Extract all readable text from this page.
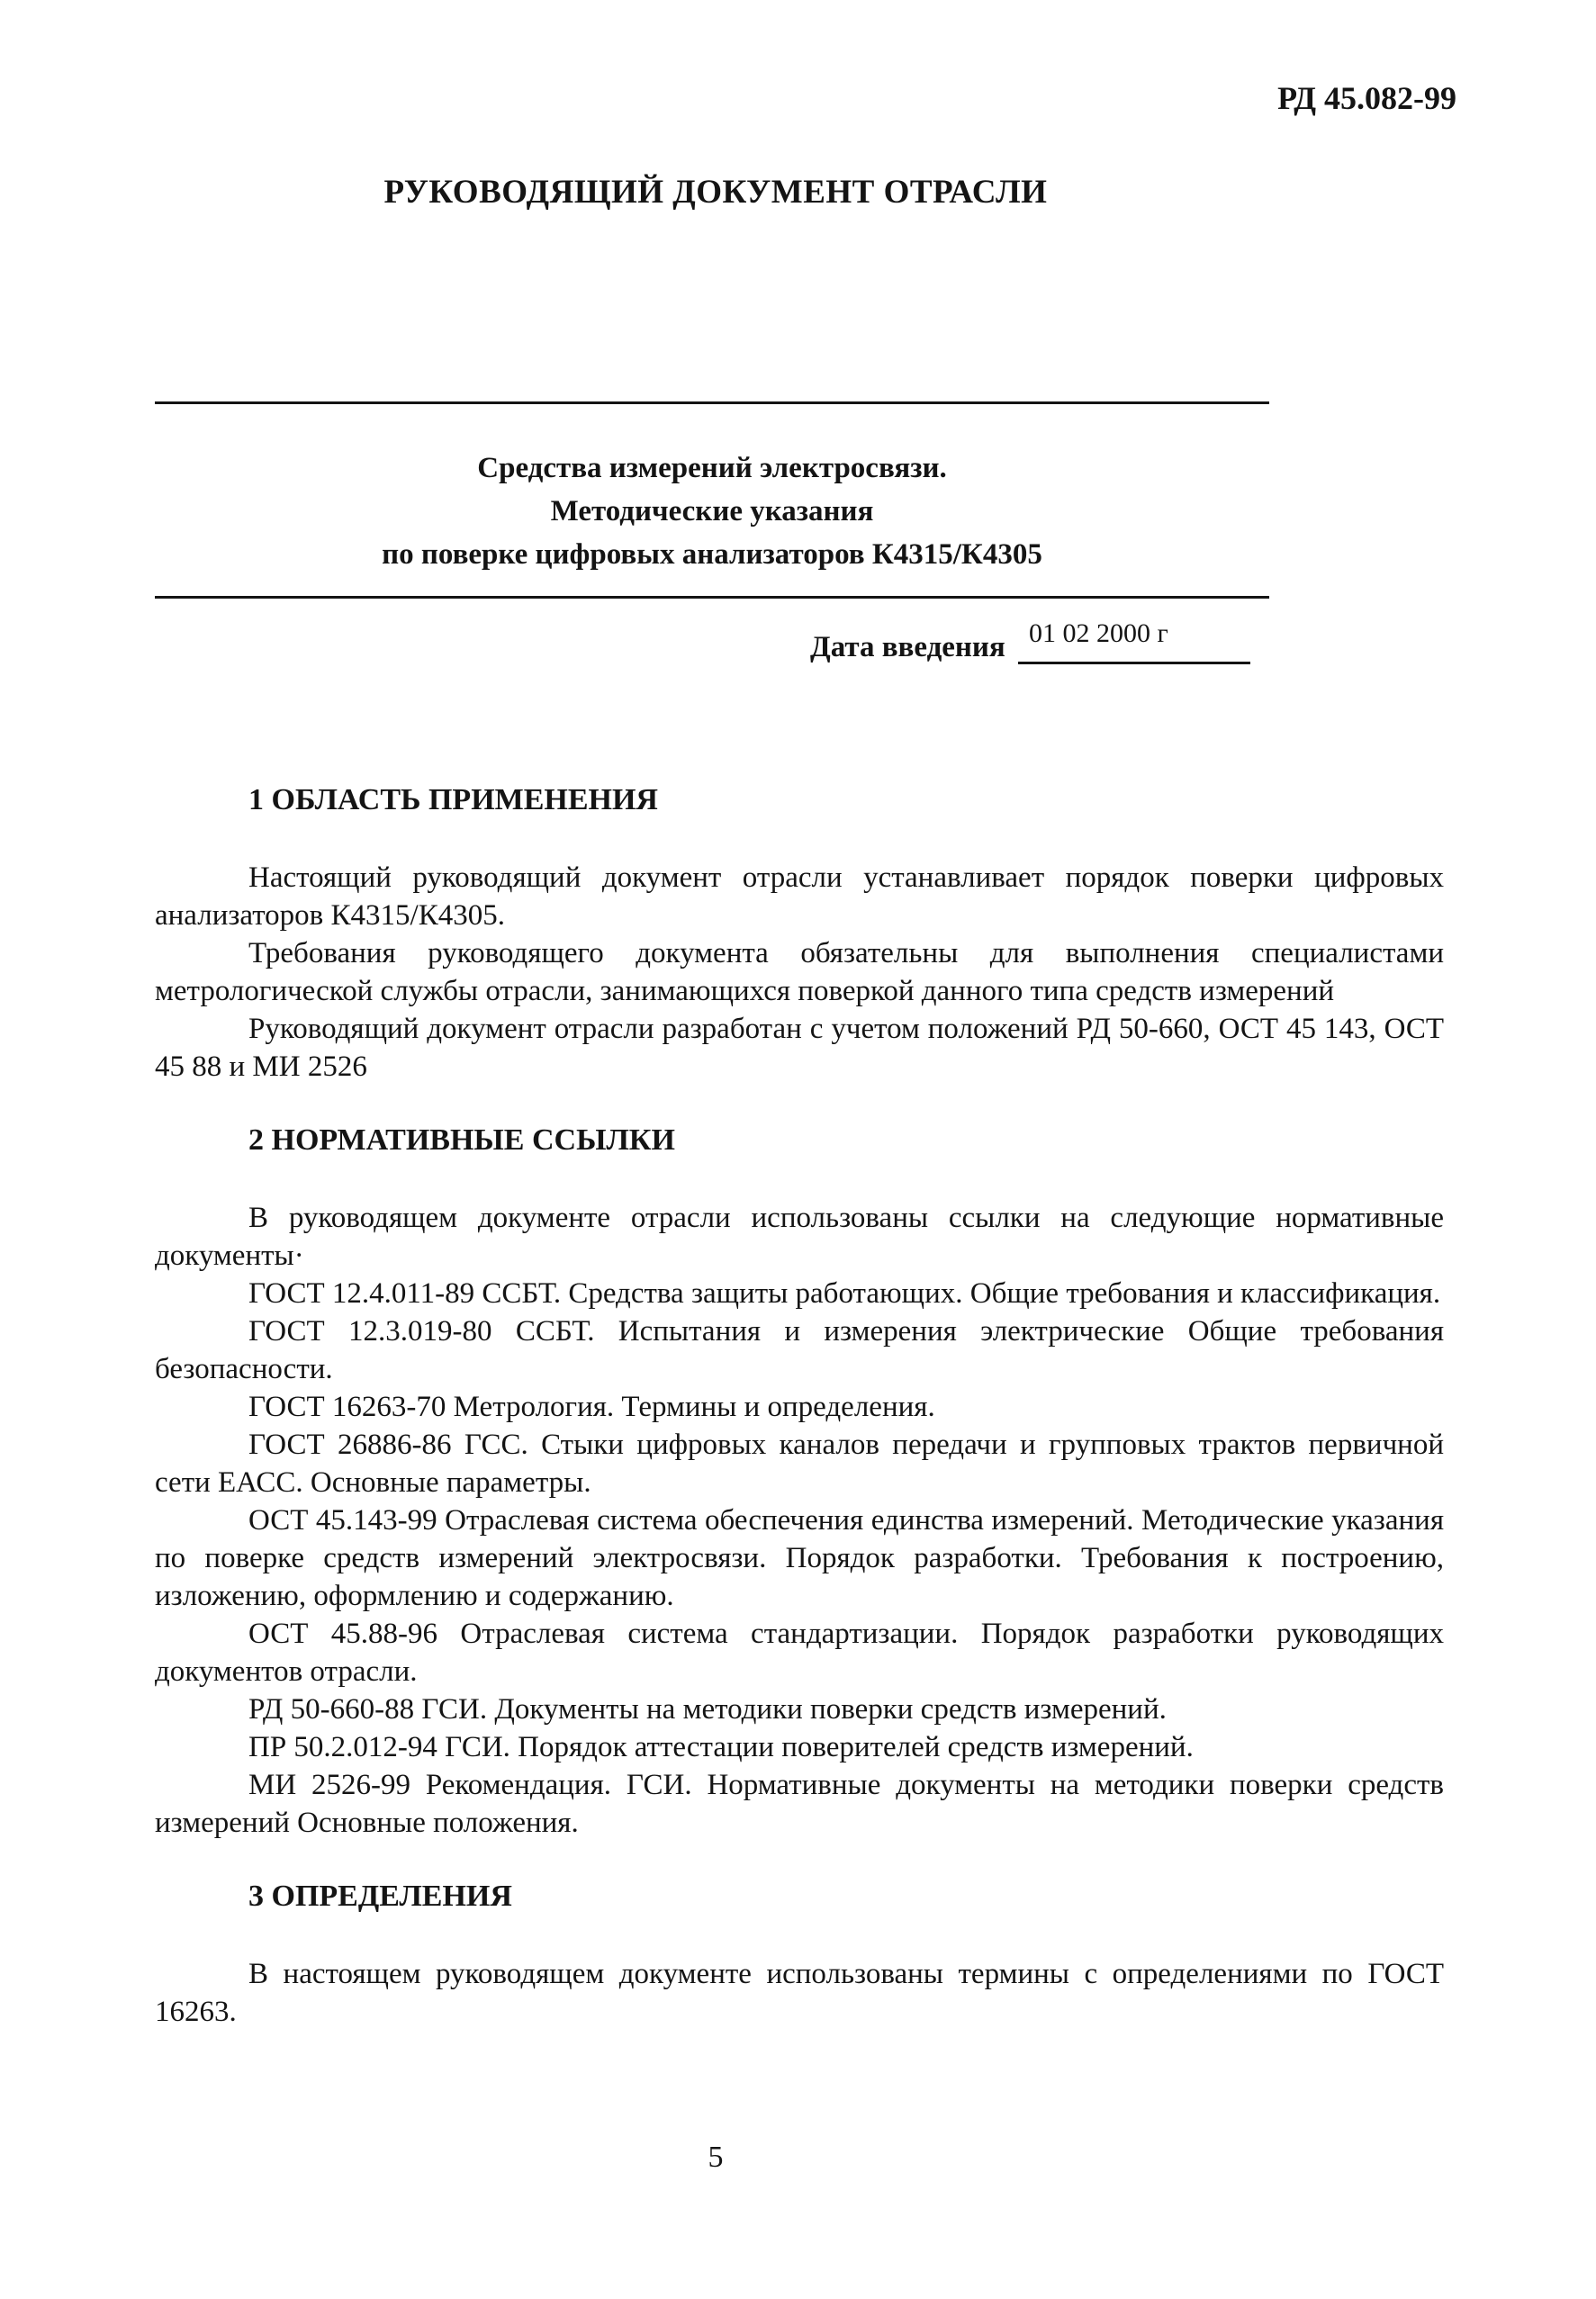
РД 45.082-99
РУКОВОДЯЩИЙ ДОКУМЕНТ ОТРАСЛИ
Средства измерений электросвязи.
Методические указания
по поверке цифровых анализаторов К4315/К4305
Дата введения 01 02 2000 г
1 ОБЛАСТЬ ПРИМЕНЕНИЯ

Настоящий руководящий документ отрасли устанавливает порядок поверки цифровых анализаторов К4315/К4305.

Требования руководящего документа обязательны для выполнения специалистами метрологической службы отрасли, занимающихся поверкой данного типа средств измерений

Руководящий документ отрасли разработан с учетом положений РД 50-660, ОСТ 45 143, ОСТ 45 88 и МИ 2526

2 НОРМАТИВНЫЕ ССЫЛКИ

В руководящем документе отрасли использованы ссылки на следующие нормативные документы·

ГОСТ 12.4.011-89 ССБТ. Средства защиты работающих. Общие требования и классификация.

ГОСТ 12.3.019-80 ССБТ. Испытания и измерения электрические Общие требования безопасности.

ГОСТ 16263-70 Метрология. Термины и определения.

ГОСТ 26886-86 ГСС. Стыки цифровых каналов передачи и групповых трактов первичной сети ЕАСС. Основные параметры.

ОСТ 45.143-99 Отраслевая система обеспечения единства измерений. Методические указания по поверке средств измерений электросвязи. Порядок разработки. Требования к построению, изложению, оформлению и содержанию.

ОСТ 45.88-96 Отраслевая система стандартизации. Порядок разработки руководящих документов отрасли.

РД 50-660-88 ГСИ. Документы на методики поверки средств измерений.

ПР 50.2.012-94 ГСИ. Порядок аттестации поверителей средств измерений.

МИ 2526-99 Рекомендация. ГСИ. Нормативные документы на методики поверки средств измерений Основные положения.

3 ОПРЕДЕЛЕНИЯ

В настоящем руководящем документе использованы термины с определениями по ГОСТ 16263.

5
